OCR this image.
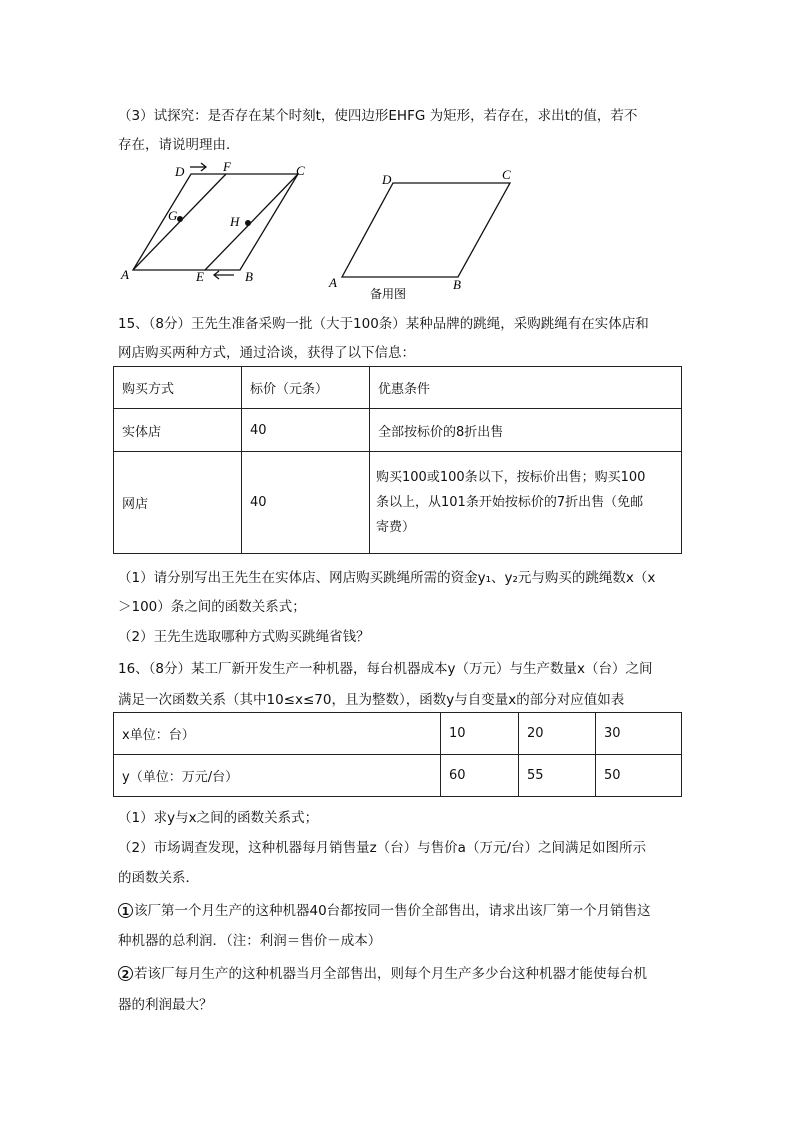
（3）试探究：是否存在某个时刻t，使四边形EHFG 为矩形，若存在，求出t的值，若不
存在，请说明理由．
D	F	C
G	H
A	E	B
D	C
A	B
备用图
15、（8分）王先生准备采购一批（大于100条）某种品牌的跳绳，采购跳绳有在实体店和
网店购买两种方式，通过洽谈，获得了以下信息：
购买方式	标价（元条）	优惠条件
实体店	40	全部按标价的8折出售
网店	40	购买100或100条以下，按标价出售；购买100
条以上，从101条开始按标价的7折出售（免邮
寄费）
（1）请分别写出王先生在实体店、网店购买跳绳所需的资金y₁、y₂元与购买的跳绳数x（x
＞100）条之间的函数关系式；
（2）王先生选取哪种方式购买跳绳省钱？
16、（8分）某工厂新开发生产一种机器，每台机器成本y（万元）与生产数量x（台）之间
满足一次函数关系（其中10≤x≤70，且为整数），函数y与自变量x的部分对应值如表
x单位：台）	10	20	30
y（单位：万元/台）	60	55	50
（1）求y与x之间的函数关系式；
（2）市场调查发现，这种机器每月销售量z（台）与售价a（万元/台）之间满足如图所示
的函数关系．
1 该厂第一个月生产的这种机器40台都按同一售价全部售出，请求出该厂第一个月销售这
种机器的总利润．（注：利润＝售价－成本）
2 若该厂每月生产的这种机器当月全部售出，则每个月生产多少台这种机器才能使每台机
器的利润最大？
